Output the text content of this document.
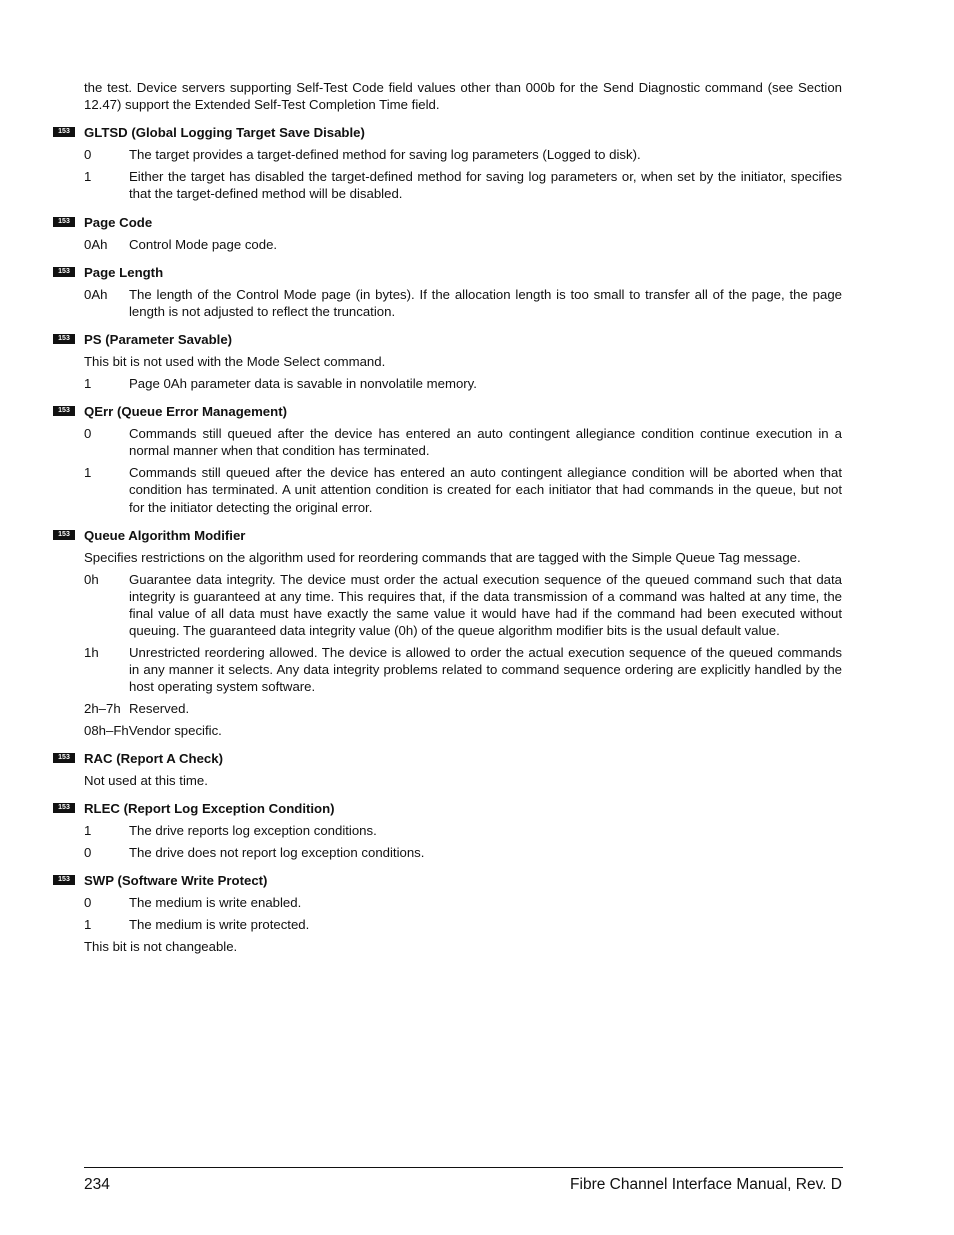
the test. Device servers supporting Self-Test Code field values other than 000b for the Send Diagnostic command (see Section 12.47) support the Extended Self-Test Completion Time field.

153	GLTSD (Global Logging Target Save Disable)
0	The target provides a target-defined method for saving log parameters (Logged to disk).
1	Either the target has disabled the target-defined method for saving log parameters or, when set by the initiator, specifies that the target-defined method will be disabled.
153	Page Code
0Ah	Control Mode page code.
153	Page Length
0Ah	The length of the Control Mode page (in bytes). If the allocation length is too small to transfer all of the page, the page length is not adjusted to reflect the truncation.
153	PS (Parameter Savable)

This bit is not used with the Mode Select command.

1	Page 0Ah parameter data is savable in nonvolatile memory.
153	QErr (Queue Error Management)
0	Commands still queued after the device has entered an auto contingent allegiance condition continue execution in a normal manner when that condition has terminated.
1	Commands still queued after the device has entered an auto contingent allegiance condition will be aborted when that condition has terminated. A unit attention condition is created for each initiator that had commands in the queue, but not for the initiator detecting the original error.
153	Queue Algorithm Modifier

Specifies restrictions on the algorithm used for reordering commands that are tagged with the Simple Queue Tag message.

0h	Guarantee data integrity. The device must order the actual execution sequence of the queued command such that data integrity is guaranteed at any time. This requires that, if the data transmission of a command was halted at any time, the final value of all data must have exactly the same value it would have had if the command had been executed without queuing. The guaranteed data integrity value (0h) of the queue algorithm modifier bits is the usual default value.
1h	Unrestricted reordering allowed. The device is allowed to order the actual execution sequence of the queued commands in any manner it selects. Any data integrity problems related to command sequence ordering are explicitly handled by the host operating system software.
2h–7h Reserved.
08h–Fh Vendor specific.
153	RAC (Report A Check)

Not used at this time.

153	RLEC (Report Log Exception Condition)
1	The drive reports log exception conditions.
0	The drive does not report log exception conditions.
153	SWP (Software Write Protect)
0	The medium is write enabled.
1	The medium is write protected.

This bit is not changeable.

234	Fibre Channel Interface Manual, Rev. D
